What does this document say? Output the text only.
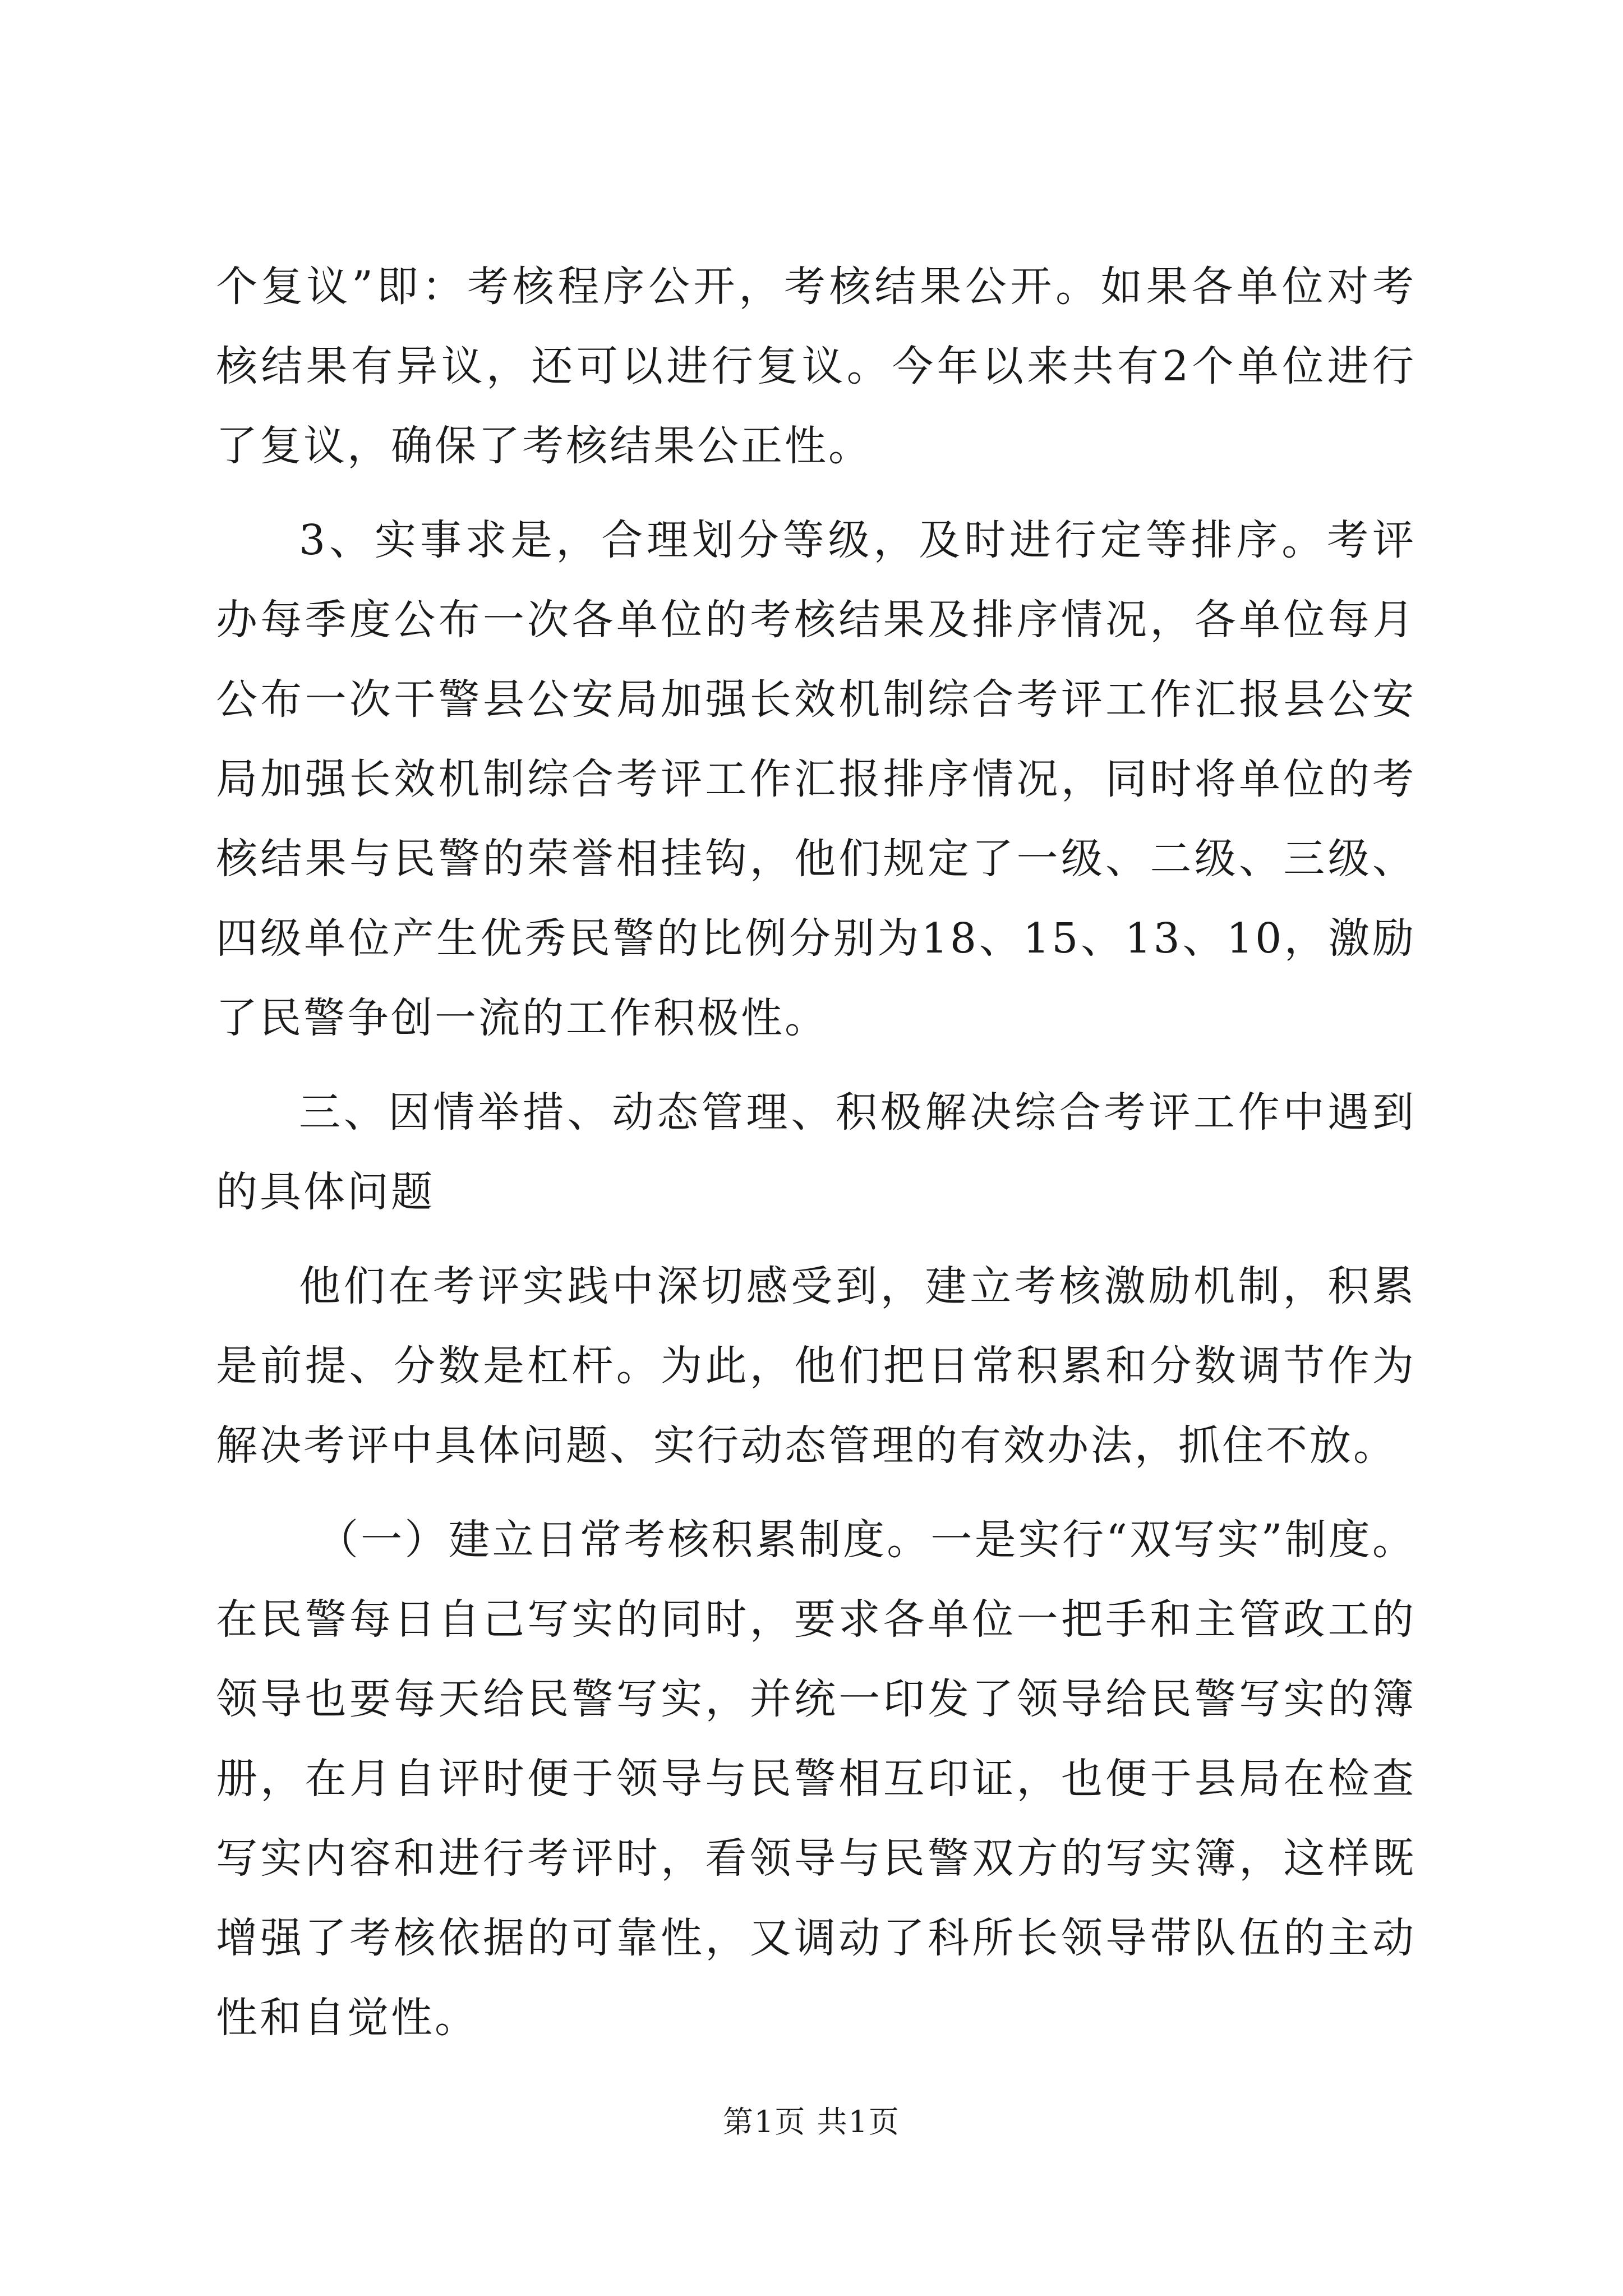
个复议”即：考核程序公开，考核结果公开。如果各单位对考核结果有异议，还可以进行复议。今年以来共有2个单位进行了复议，确保了考核结果公正性。

3、实事求是，合理划分等级，及时进行定等排序。考评办每季度公布一次各单位的考核结果及排序情况，各单位每月公布一次干警县公安局加强长效机制综合考评工作汇报县公安局加强长效机制综合考评工作汇报排序情况，同时将单位的考核结果与民警的荣誉相挂钩，他们规定了一级、二级、三级、四级单位产生优秀民警的比例分别为18、15、13、10，激励了民警争创一流的工作积极性。

三、因情举措、动态管理、积极解决综合考评工作中遇到的具体问题

他们在考评实践中深切感受到，建立考核激励机制，积累是前提、分数是杠杆。为此，他们把日常积累和分数调节作为解决考评中具体问题、实行动态管理的有效办法，抓住不放。

（一）建立日常考核积累制度。一是实行“双写实”制度。在民警每日自己写实的同时，要求各单位一把手和主管政工的领导也要每天给民警写实，并统一印发了领导给民警写实的簿册，在月自评时便于领导与民警相互印证，也便于县局在检查写实内容和进行考评时，看领导与民警双方的写实簿，这样既增强了考核依据的可靠性，又调动了科所长领导带队伍的主动性和自觉性。

第1页 共1页
